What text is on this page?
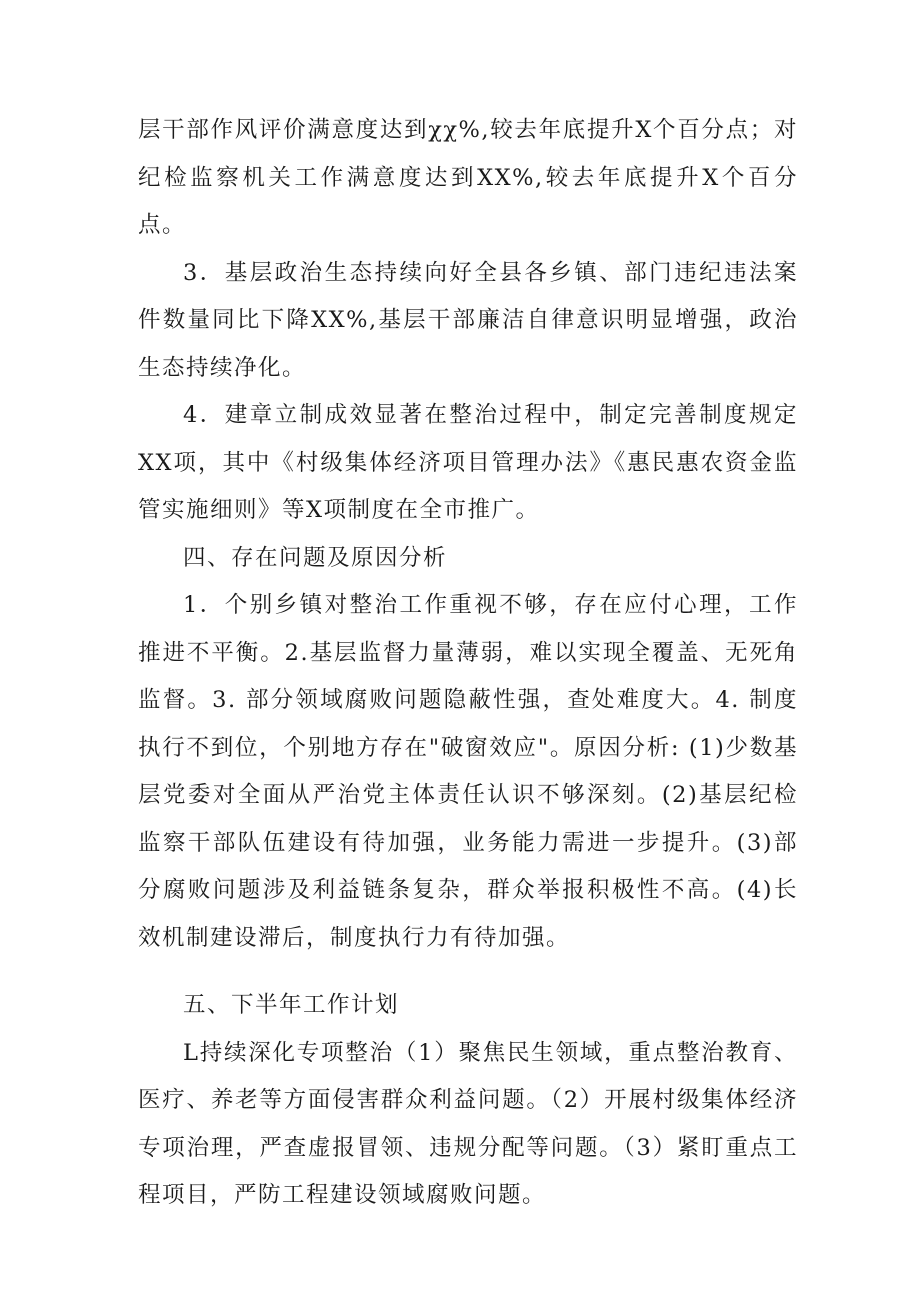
层干部作风评价满意度达到χχ%,较去年底提升X个百分点；对纪检监察机关工作满意度达到XX%,较去年底提升X个百分点。

3．基层政治生态持续向好全县各乡镇、部门违纪违法案件数量同比下降XX%,基层干部廉洁自律意识明显增强，政治生态持续净化。

4．建章立制成效显著在整治过程中，制定完善制度规定XX项，其中《村级集体经济项目管理办法》《惠民惠农资金监管实施细则》等X项制度在全市推广。

四、存在问题及原因分析

1．个别乡镇对整治工作重视不够，存在应付心理，工作推进不平衡。2.基层监督力量薄弱，难以实现全覆盖、无死角监督。3. 部分领域腐败问题隐蔽性强，查处难度大。4. 制度执行不到位，个别地方存在"破窗效应"。原因分析: (1)少数基层党委对全面从严治党主体责任认识不够深刻。(2)基层纪检监察干部队伍建设有待加强，业务能力需进一步提升。(3)部分腐败问题涉及利益链条复杂，群众举报积极性不高。(4)长效机制建设滞后，制度执行力有待加强。

五、下半年工作计划

L持续深化专项整治（1）聚焦民生领域，重点整治教育、医疗、养老等方面侵害群众利益问题。（2）开展村级集体经济专项治理，严查虚报冒领、违规分配等问题。（3）紧盯重点工程项目，严防工程建设领域腐败问题。
